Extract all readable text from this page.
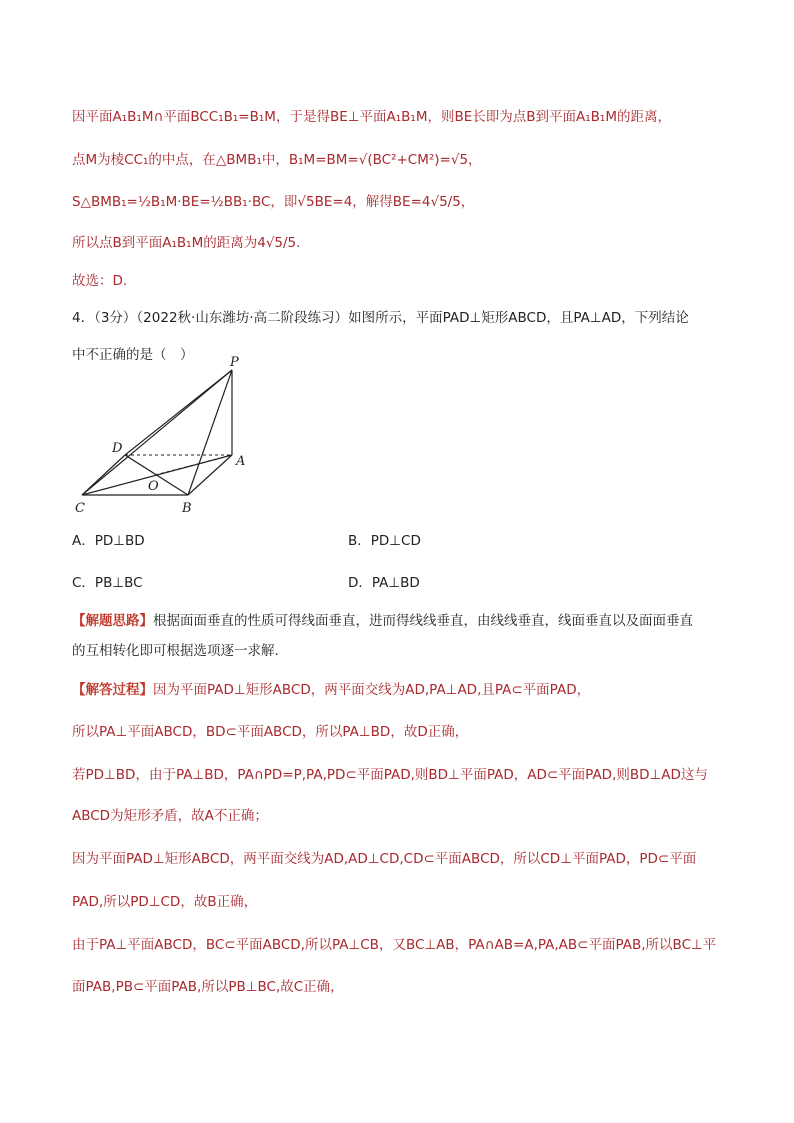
因平面A₁B₁M∩平面BCC₁B₁=B₁M，于是得BE⊥平面A₁B₁M，则BE长即为点B到平面A₁B₁M的距离，
点M为棱CC₁的中点，在△BMB₁中，B₁M=BM=√(BC²+CM²)=√5，
S△BMB₁=½B₁M·BE=½BB₁·BC，即√5BE=4，解得BE=4√5/5，
所以点B到平面A₁B₁M的距离为4√5/5.
故选：D.
4．（3分）（2022秋·山东潍坊·高二阶段练习）如图所示，平面PAD⊥矩形ABCD，且PA⊥AD，下列结论
中不正确的是（　）	P
D
A
O
C	B
A．PD⊥BD	B．PD⊥CD
C．PB⊥BC	D．PA⊥BD
【解题思路】根据面面垂直的性质可得线面垂直，进而得线线垂直，由线线垂直，线面垂直以及面面垂直
的互相转化即可根据选项逐一求解.
【解答过程】因为平面PAD⊥矩形ABCD，两平面交线为AD,PA⊥AD,且PA⊂平面PAD，
所以PA⊥平面ABCD，BD⊂平面ABCD，所以PA⊥BD，故D正确，
若PD⊥BD，由于PA⊥BD，PA∩PD=P,PA,PD⊂平面PAD,则BD⊥平面PAD，AD⊂平面PAD,则BD⊥AD这与
ABCD为矩形矛盾，故A不正确；
因为平面PAD⊥矩形ABCD，两平面交线为AD,AD⊥CD,CD⊂平面ABCD，所以CD⊥平面PAD，PD⊂平面
PAD,所以PD⊥CD，故B正确，
由于PA⊥平面ABCD，BC⊂平面ABCD,所以PA⊥CB，又BC⊥AB，PA∩AB=A,PA,AB⊂平面PAB,所以BC⊥平
面PAB,PB⊂平面PAB,所以PB⊥BC,故C正确，
